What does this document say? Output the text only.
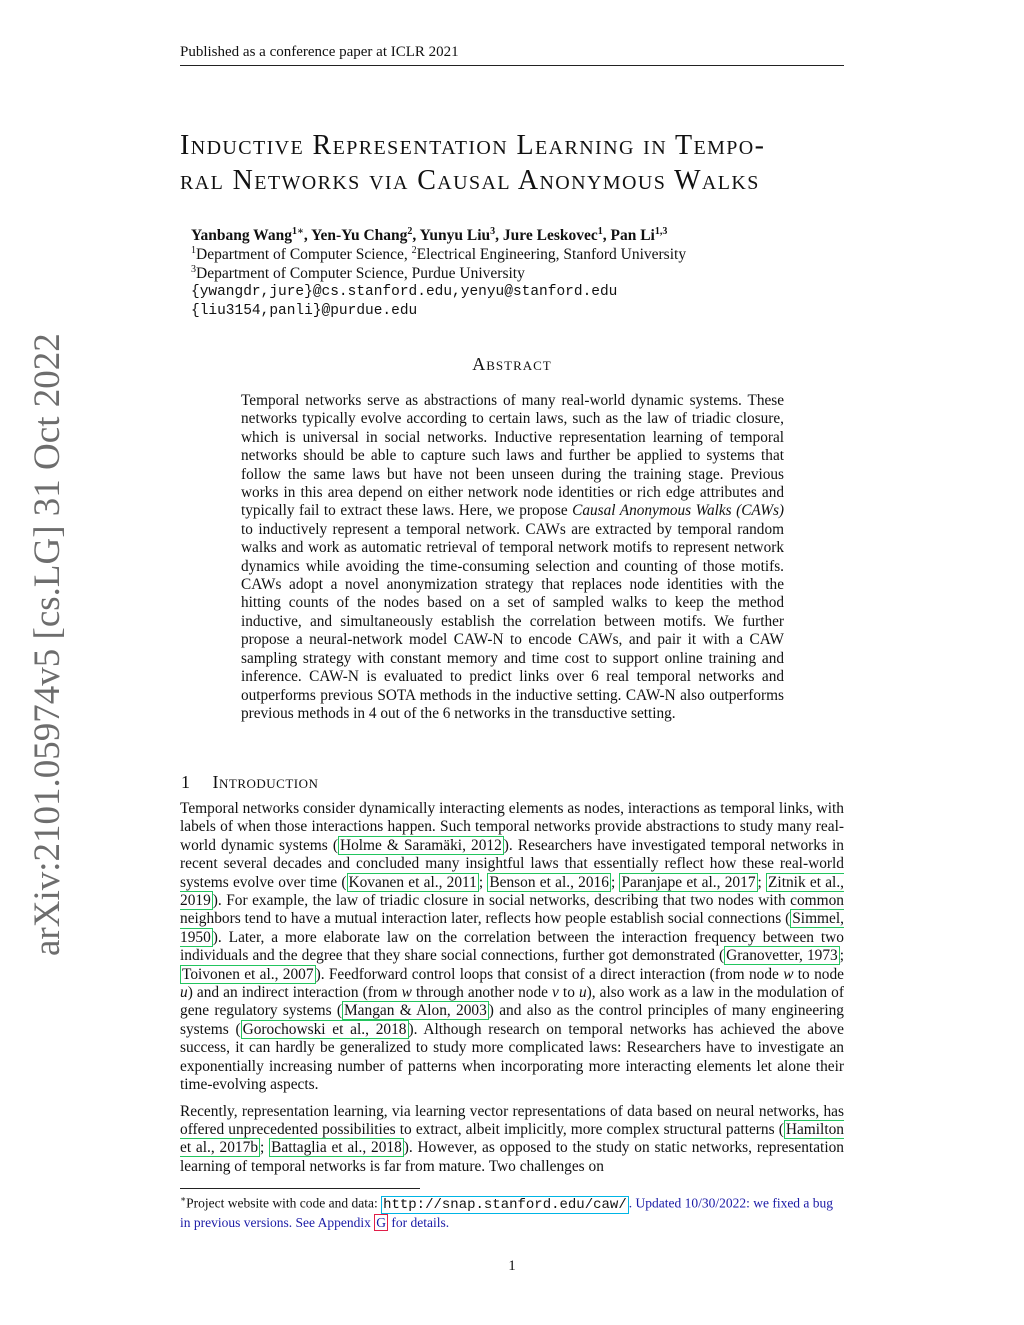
Published as a conference paper at ICLR 2021
arXiv:2101.05974v5 [cs.LG] 31 Oct 2022
Inductive Representation Learning in Tempo-
ral Networks via Causal Anonymous Walks
Yanbang Wang$^{1∗}$, Yen-Yu Chang$^2$, Yunyu Liu$^3$, Jure Leskovec$^1$, Pan Li$^{1,3}$
$^1$Department of Computer Science, $^2$Electrical Engineering, Stanford University
$^3$Department of Computer Science, Purdue University
{ywangdr,jure}@cs.stanford.edu,yenyu@stanford.edu
{liu3154,panli}@purdue.edu
Abstract
Temporal networks serve as abstractions of many real-world dynamic systems. These networks typically evolve according to certain laws, such as the law of triadic closure, which is universal in social networks. Inductive representation learning of temporal networks should be able to capture such laws and further be applied to systems that follow the same laws but have not been unseen during the training stage. Previous works in this area depend on either network node identities or rich edge attributes and typically fail to extract these laws. Here, we propose Causal Anonymous Walks (CAWs) to inductively represent a temporal network. CAWs are extracted by temporal random walks and work as automatic retrieval of temporal network motifs to represent network dynamics while avoiding the time-consuming selection and counting of those motifs. CAWs adopt a novel anonymization strategy that replaces node identities with the hitting counts of the nodes based on a set of sampled walks to keep the method inductive, and simultaneously establish the correlation between motifs. We further propose a neural-network model CAW-N to encode CAWs, and pair it with a CAW sampling strategy with constant memory and time cost to support online training and inference. CAW-N is evaluated to predict links over 6 real temporal networks and outperforms previous SOTA methods in the inductive setting. CAW-N also outperforms previous methods in 4 out of the 6 networks in the transductive setting.
1 Introduction

Temporal networks consider dynamically interacting elements as nodes, interactions as temporal links, with labels of when those interactions happen. Such temporal networks provide abstractions to study many real-world dynamic systems ( Holme & Saramäki, 2012 ). Researchers have investigated temporal networks in recent several decades and concluded many insightful laws that essentially reflect how these real-world systems evolve over time ( Kovanen et al., 2011 ; Benson et al., 2016 ; Paranjape et al., 2017 ; Zitnik et al., 2019 ). For example, the law of triadic closure in social networks, describing that two nodes with common neighbors tend to have a mutual interaction later, reflects how people establish social connections ( Simmel, 1950 ). Later, a more elaborate law on the correlation between the interaction frequency between two individuals and the degree that they share social connections, further got demonstrated ( Granovetter, 1973 ; Toivonen et al., 2007 ). Feedforward control loops that consist of a direct interaction (from node w to node u) and an indirect interaction (from w through another node v to u), also work as a law in the modulation of gene regulatory systems ( Mangan & Alon, 2003 ) and also as the control principles of many engineering systems ( Gorochowski et al., 2018 ). Although research on temporal networks has achieved the above success, it can hardly be generalized to study more complicated laws: Researchers have to investigate an exponentially increasing number of patterns when incorporating more interacting elements let alone their time-evolving aspects.

Recently, representation learning, via learning vector representations of data based on neural networks, has offered unprecedented possibilities to extract, albeit implicitly, more complex structural patterns ( Hamilton et al., 2017b ; Battaglia et al., 2018 ). However, as opposed to the study on static networks, representation learning of temporal networks is far from mature. Two challenges on

∗Project website with code and data: http://snap.stanford.edu/caw/ . Updated 10/30/2022: we fixed a bug in previous versions. See Appendix G for details.
1
